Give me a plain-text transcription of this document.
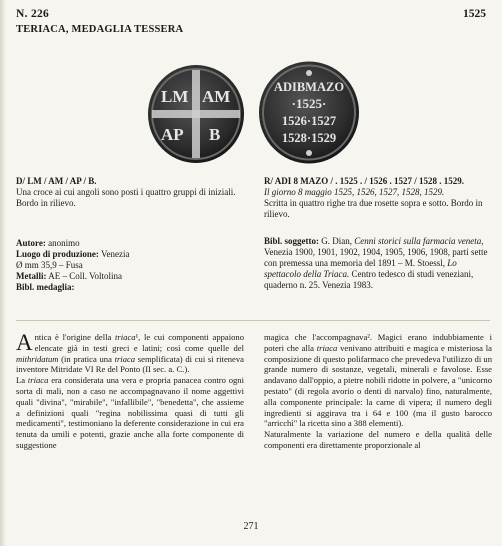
N. 226	1525
TERIACA, MEDAGLIA TESSERA
LM AM
AP B
ADIBMAZO
·1525·
1526·1527
1528·1529

D/ LM / AM / AP / B.

Una croce ai cui angoli sono posti i quattro gruppi di iniziali. Bordo in rilievo.

Autore: anonimo
Luogo di produzione: Venezia
Ø mm 35,9 – Fusa
Metalli: AE – Coll. Voltolina
Bibl. medaglia:

R/ ADI 8 MAZO / . 1525 . / 1526 . 1527 / 1528 . 1529.

Il giorno 8 maggio 1525, 1526, 1527, 1528, 1529.

Scritta in quattro righe tra due rosette sopra e sotto. Bordo in rilievo.

Bibl. soggetto: G. Dian, Cenni storici sulla farmacia veneta, Venezia 1900, 1901, 1902, 1904, 1905, 1906, 1908, parti sette con premessa una memoria del 1891 – M. Stoessl, Lo spettacolo della Triaca. Centro tedesco di studi veneziani, quaderno n. 25. Venezia 1983.

Antica è l'origine della triaca¹, le cui componenti appaiono elencate già in testi greci e latini; così come quelle del mithridatum (in pratica una triaca semplificata) di cui si riteneva inventore Mitridate VI Re del Ponto (II sec. a. C.).
La triaca era considerata una vera e propria panacea contro ogni sorta di mali, non a caso ne accompagnavano il nome aggettivi quali "divina", "mirabile", "infallibile", "benedetta", che assieme a definizioni quali "regina nobilissima quasi di tutti gli medicamenti", testimoniano la deferente considerazione in cui era tenuta da umili e potenti, grazie anche alla forte componente di suggestione
magica che l'accompagnava². Magici erano indubbiamente i poteri che alla triaca venivano attribuiti e magica e misteriosa la composizione di questo polifarmaco che prevedeva l'utilizzo di un grande numero di sostanze, vegetali, minerali e favolose. Esse andavano dall'oppio, a pietre nobili ridotte in polvere, a "unicorno pestato" (di regola avorio o denti di narvalo) fino, naturalmente, alla componente principale: la carne di vipera; il numero degli ingredienti si aggirava tra i 64 e 100 (ma il gusto barocco "arricchì" la ricetta sino a 388 elementi).
Naturalmente la variazione del numero e della qualità delle componenti era direttamente proporzionale al
271
